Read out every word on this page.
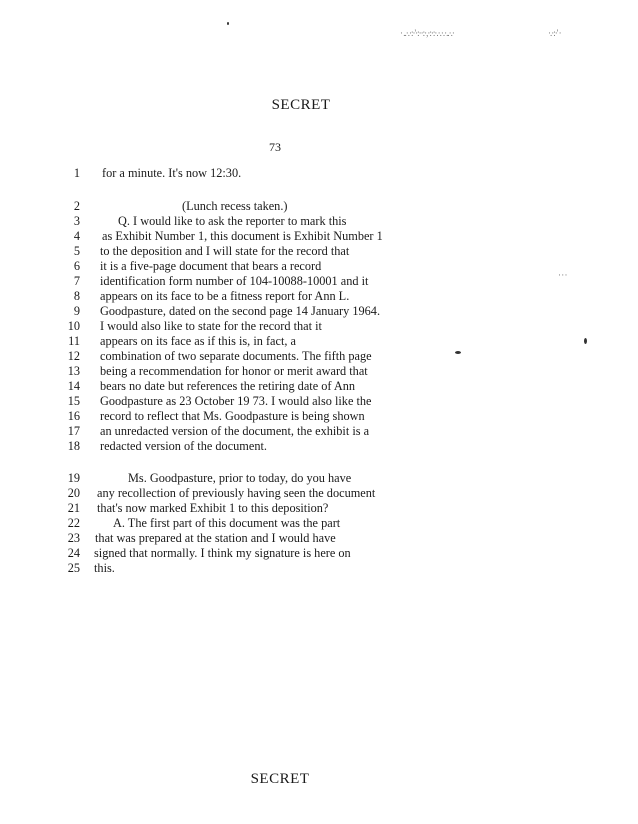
· ..·.·:·'·:··:·,·:·:·.·.·.·..·.·	·.·:·' ·
· · ·
SECRET
73
1 for a minute. It's now 12:30.
2	(Lunch recess taken.)
3	Q. I would like to ask the reporter to mark this
4 as Exhibit Number 1, this document is Exhibit Number 1
5 to the deposition and I will state for the record that
6 it is a five-page document that bears a record
7 identification form number of 104-10088-10001 and it
8 appears on its face to be a fitness report for Ann L.
9 Goodpasture, dated on the second page 14 January 1964.
10 I would also like to state for the record that it
11 appears on its face as if this is, in fact, a
12 combination of two separate documents. The fifth page
13 being a recommendation for honor or merit award that
14 bears no date but references the retiring date of Ann
15 Goodpasture as 23 October 19 73. I would also like the
16 record to reflect that Ms. Goodpasture is being shown
17 an unredacted version of the document, the exhibit is a
18 redacted version of the document.
19	Ms. Goodpasture, prior to today, do you have
20 any recollection of previously having seen the document
21 that's now marked Exhibit 1 to this deposition?
22	A. The first part of this document was the part
23 that was prepared at the station and I would have
24 signed that normally. I think my signature is here on
25 this.
SECRET
